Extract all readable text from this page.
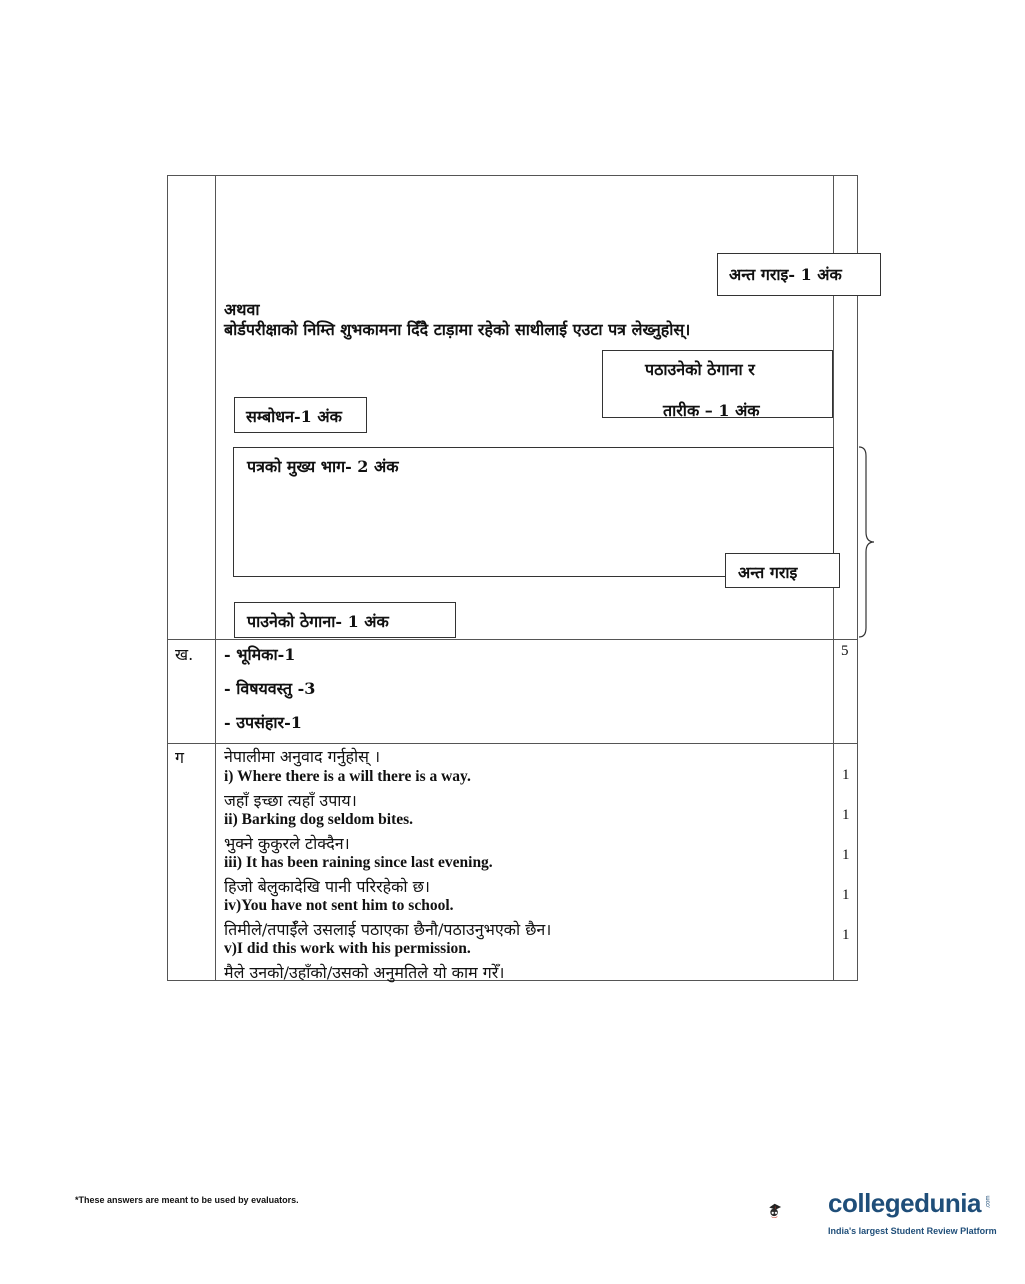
अन्त गराइ- 1 अंक
अथवा
बोर्डपरीक्षाको निम्ति शुभकामना दिँदै टाड़ामा रहेको साथीलाई एउटा पत्र लेख्नुहोस्।
पठाउनेको ठेगाना र
तारीक – 1 अंक
सम्बोधन-1 अंक
पत्रको मुख्य भाग- 2 अंक
अन्त गराइ
पाउनेको ठेगाना- 1 अंक
ख. - भूमिका-1
- विषयवस्तु -3
- उपसंहार-1
5
ग नेपालीमा अनुवाद गर्नुहोस् ।
i) Where there is a will there is a way.
जहाँ इच्छा त्यहाँ उपाय।
ii) Barking dog seldom bites.
भुक्ने कुकुरले टोक्दैन।
iii) It has been raining since last evening.
हिजो बेलुकादेखि पानी परिरहेको छ।
iv)You have not sent him to school.
तिमीले/तपाईँले उसलाई पठाएका छैनौ/पठाउनुभएको छैन।
v)I did this work with his permission.
मैले उनको/उहाँको/उसको अनुमतिले यो काम गरेँ।
1
1
1
1
1
*These answers are meant to be used by evaluators.	collegedunia .com
India's largest Student Review Platform
